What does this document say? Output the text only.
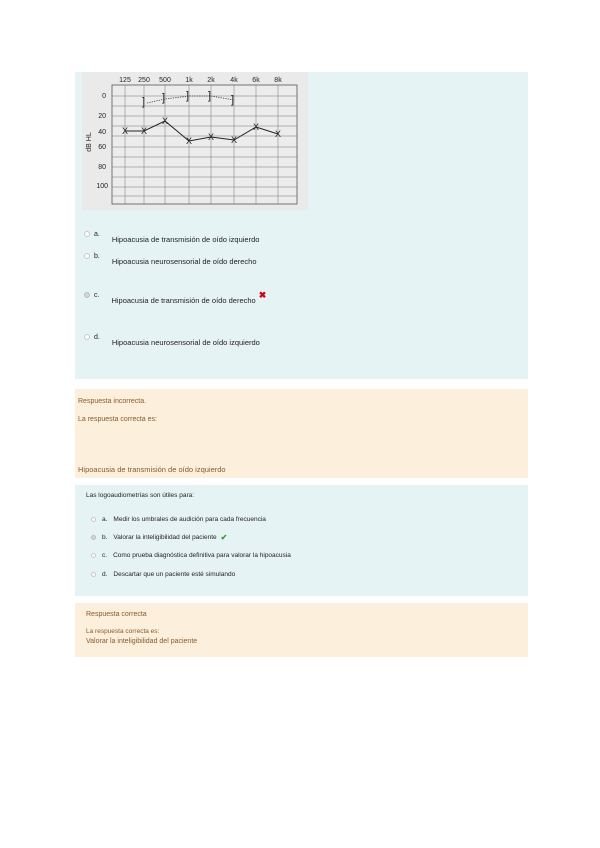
125 250 500 1k 2k 4k 6k 8k
0
20
40
60
80
100
dB HL
] ] ] ] ]
X X
X
X X X
X
X
a.
Hipoacusia de transmisión de oído izquierdo
b.
Hipoacusia neurosensorial de oído derecho
c.
Hipoacusia de transmisión de oído derecho
✖
d.
Hipoacusia neurosensorial de oído izquierdo
Respuesta incorrecta.
La respuesta correcta es:
Hipoacusia de transmisión de oído izquierdo
Las logoaudiometrías son útiles para:
a. Medir los umbrales de audición para cada frecuencia
b. Valorar la inteligibilidad del paciente ✔
c. Como prueba diagnóstica definitiva para valorar la hipoacusia
d. Descartar que un paciente esté simulando
Respuesta correcta
La respuesta correcta es:
Valorar la inteligibilidad del paciente
